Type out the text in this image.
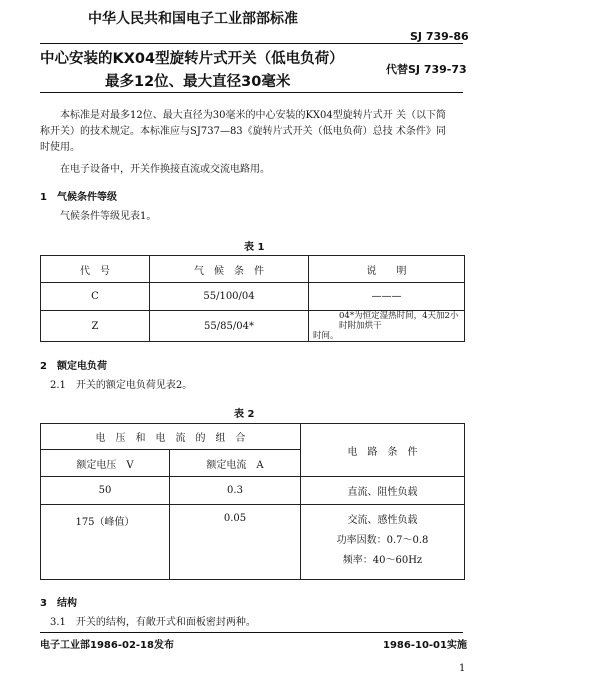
中华人民共和国电子工业部部标准
SJ 739-86
中心安装的KX04型旋转片式开关（低电负荷）
最多12位、最大直径30毫米
代替SJ 739-73
本标准是对最多12位、最大直径为30毫米的中心安装的KX04型旋转片式开 关（以下简
称开关）的技术规定。本标准应与SJ737—83《旋转片式开关（低电负荷）总技 术条件》同
时使用。
在电子设备中，开关作换接直流或交流电路用。
1　气候条件等级
气候条件等级见表1。
表 1
代　号	气　候　条　件	说　　明
C	55/100/04	———
Z	55/85/04*	04*为恒定湿热时间，4天加2小时附加烘干
时间。
2　额定电负荷
2.1　开关的额定电负荷见表2。
表 2
电　压　和　电　流　的　组　合		电　路　条　件
额定电压　V	额定电流　A	
50	0.3	直流、阻性负载
175（峰值）	0.05	交流、感性负载
功率因数：0.7～0.8
频率：40～60Hz
3　结构
3.1　开关的结构，有敞开式和面板密封两种。
电子工业部1986-02-18发布	1986-10-01实施
1
